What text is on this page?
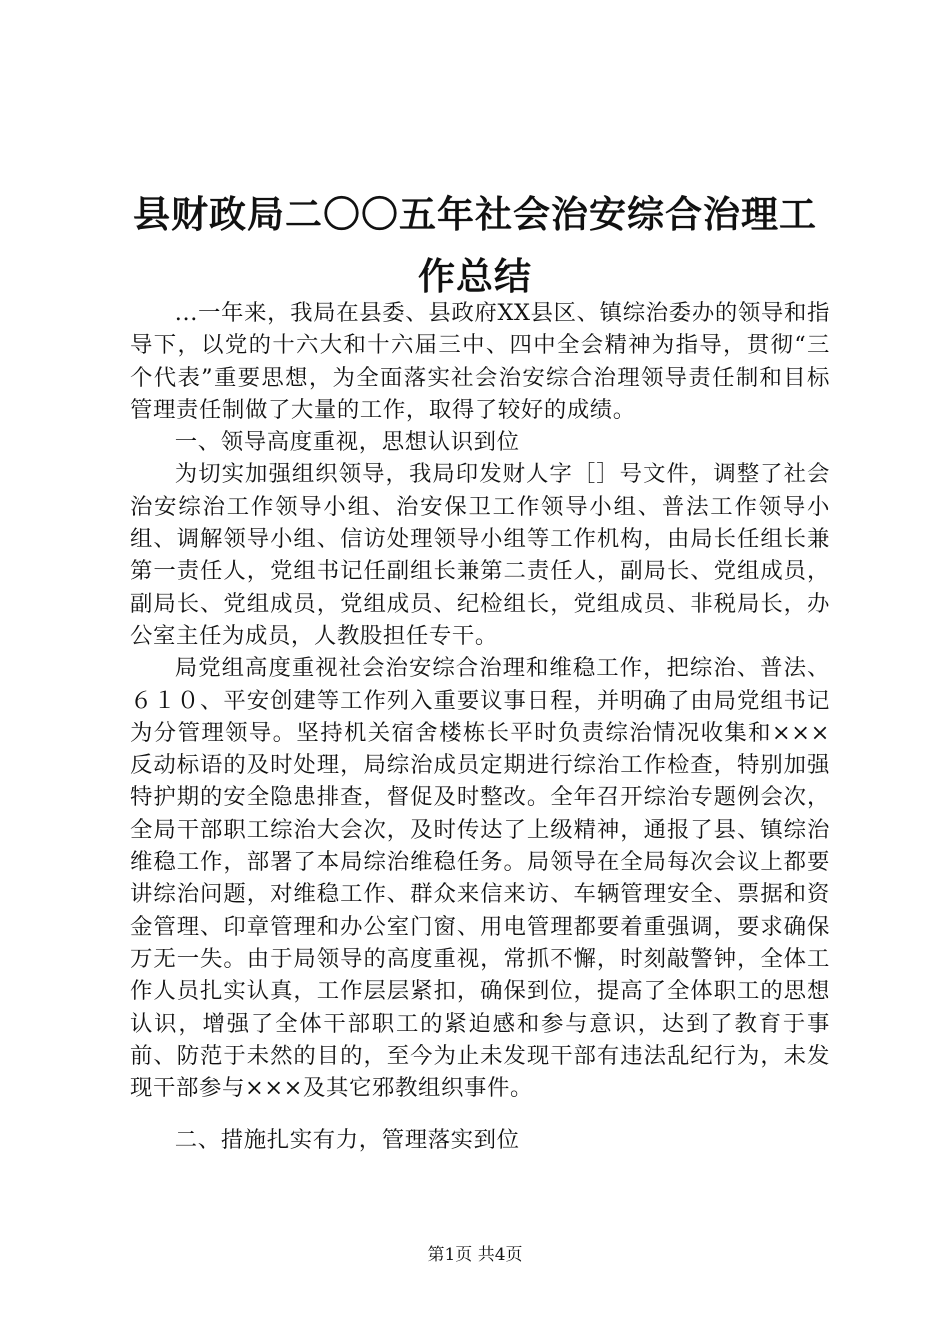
县财政局二〇〇五年社会治安综合治理工作总结

...一年来，我局在县委、县政府XX县区、镇综治委办的领导和指导下，以党的十六大和十六届三中、四中全会精神为指导，贯彻“三个代表”重要思想，为全面落实社会治安综合治理领导责任制和目标管理责任制做了大量的工作，取得了较好的成绩。

一、领导高度重视，思想认识到位

为切实加强组织领导，我局印发财人字［］号文件，调整了社会治安综治工作领导小组、治安保卫工作领导小组、普法工作领导小组、调解领导小组、信访处理领导小组等工作机构，由局长任组长兼第一责任人，党组书记任副组长兼第二责任人，副局长、党组成员，副局长、党组成员，党组成员、纪检组长，党组成员、非税局长，办公室主任为成员，人教股担任专干。

局党组高度重视社会治安综合治理和维稳工作，把综治、普法、６１０、平安创建等工作列入重要议事日程，并明确了由局党组书记为分管理领导。坚持机关宿舍楼栋长平时负责综治情况收集和×××反动标语的及时处理，局综治成员定期进行综治工作检查，特别加强特护期的安全隐患排查，督促及时整改。全年召开综治专题例会次，全局干部职工综治大会次，及时传达了上级精神，通报了县、镇综治维稳工作，部署了本局综治维稳任务。局领导在全局每次会议上都要讲综治问题，对维稳工作、群众来信来访、车辆管理安全、票据和资金管理、印章管理和办公室门窗、用电管理都要着重强调，要求确保万无一失。由于局领导的高度重视，常抓不懈，时刻敲警钟，全体工作人员扎实认真，工作层层紧扣，确保到位，提高了全体职工的思想认识，增强了全体干部职工的紧迫感和参与意识，达到了教育于事前、防范于未然的目的，至今为止未发现干部有违法乱纪行为，未发现干部参与×××及其它邪教组织事件。

二、措施扎实有力，管理落实到位

第1页 共4页
